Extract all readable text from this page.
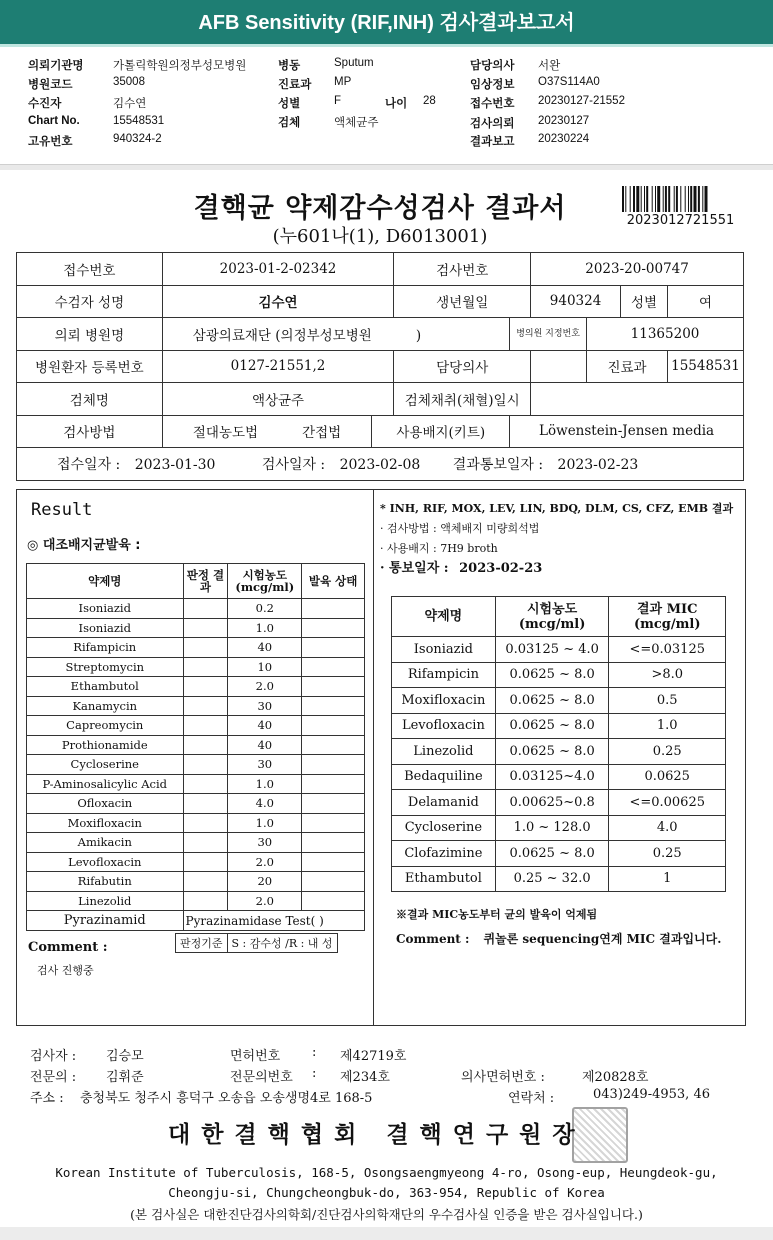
AFB Sensitivity (RIF,INH) 검사결과보고서
의뢰기관명	가톨릭학원의정부성모병원
병원코드	35008
수진자	김수연
Chart No.	15548531
고유번호	940324-2
병동	Sputum
진료과 MP
성별	F	나이 28
검체	액체균주
담당의사 서완
임상정보 O37S114A0
접수번호 20230127-21552
검사의뢰 20230127
결과보고 20230224
결핵균 약제감수성검사 결과서
(누601나(1), D6013001)
2023012721551
접수번호	2023-01-2-02342		검사번호		2023-20-00747			
수검자 성명	김수연		생년월일		940324		성별	여
의뢰 병원명	삼광의료재단 (의정부성모병원 )			병의원 지정번호		11365200		
병원환자 등록번호	0127-21551,2		담당의사			진료과		15548531
검체명	액상균주		검체채취(채혈)일시					
검사방법	절대농도법 간접법	사용배지(키트)		Löwenstein-Jensen media				
접수일자 : 2023-01-30 검사일자 : 2023-02-08 결과통보일자 : 2023-02-23								
Result
◎ 대조배지균발육 :
약제명	판정 결과	시험농도 (mcg/ml)	발육 상태
Isoniazid		0.2	
Isoniazid		1.0	
Rifampicin		40	
Streptomycin		10	
Ethambutol		2.0	
Kanamycin		30	
Capreomycin		40	
Prothionamide		40	
Cycloserine		30	
P-Aminosalicylic Acid		1.0	
Ofloxacin		4.0	
Moxifloxacin		1.0	
Amikacin		30	
Levofloxacin		2.0	
Rifabutin		20	
Linezolid		2.0	
Pyrazinamid	Pyrazinamidase Test( )		
판정기준 S : 감수성 /R : 내 성
Comment :
검사 진행중
* INH, RIF, MOX, LEV, LIN, BDQ, DLM, CS, CFZ, EMB 결과
· 검사방법 : 액체배지 미량희석법
· 사용배지 : 7H9 broth
· 통보일자 : 2023-02-23
약제명	시험농도 (mcg/ml)	결과 MIC (mcg/ml)
Isoniazid	0.03125 ~ 4.0	<=0.03125
Rifampicin	0.0625 ~ 8.0	>8.0
Moxifloxacin	0.0625 ~ 8.0	0.5
Levofloxacin	0.0625 ~ 8.0	1.0
Linezolid	0.0625 ~ 8.0	0.25
Bedaquiline	0.03125~4.0	0.0625
Delamanid	0.00625~0.8	<=0.00625
Cycloserine	1.0 ~ 128.0	4.0
Clofazimine	0.0625 ~ 8.0	0.25
Ethambutol	0.25 ~ 32.0	1
※결과 MIC농도부터 균의 발육이 억제됨
Comment : 퀴놀론 sequencing연계 MIC 결과입니다.
검사자 : 김승모	면허번호 : 제42719호
전문의 : 김휘준	전문의번호 : 제234호	의사면허번호 :	제20828호
주소 : 충청북도 청주시 흥덕구 오송읍 오송생명4로 168-5	연락처 :	043)249-4953, 46
대한결핵협회 결핵연구원장
Korean Institute of Tuberculosis, 168-5, Osongsaengmyeong 4-ro, Osong-eup, Heungdeok-gu,
Cheongju-si, Chungcheongbuk-do, 363-954, Republic of Korea
(본 검사실은 대한진단검사의학회/진단검사의학재단의 우수검사실 인증을 받은 검사실입니다.)
